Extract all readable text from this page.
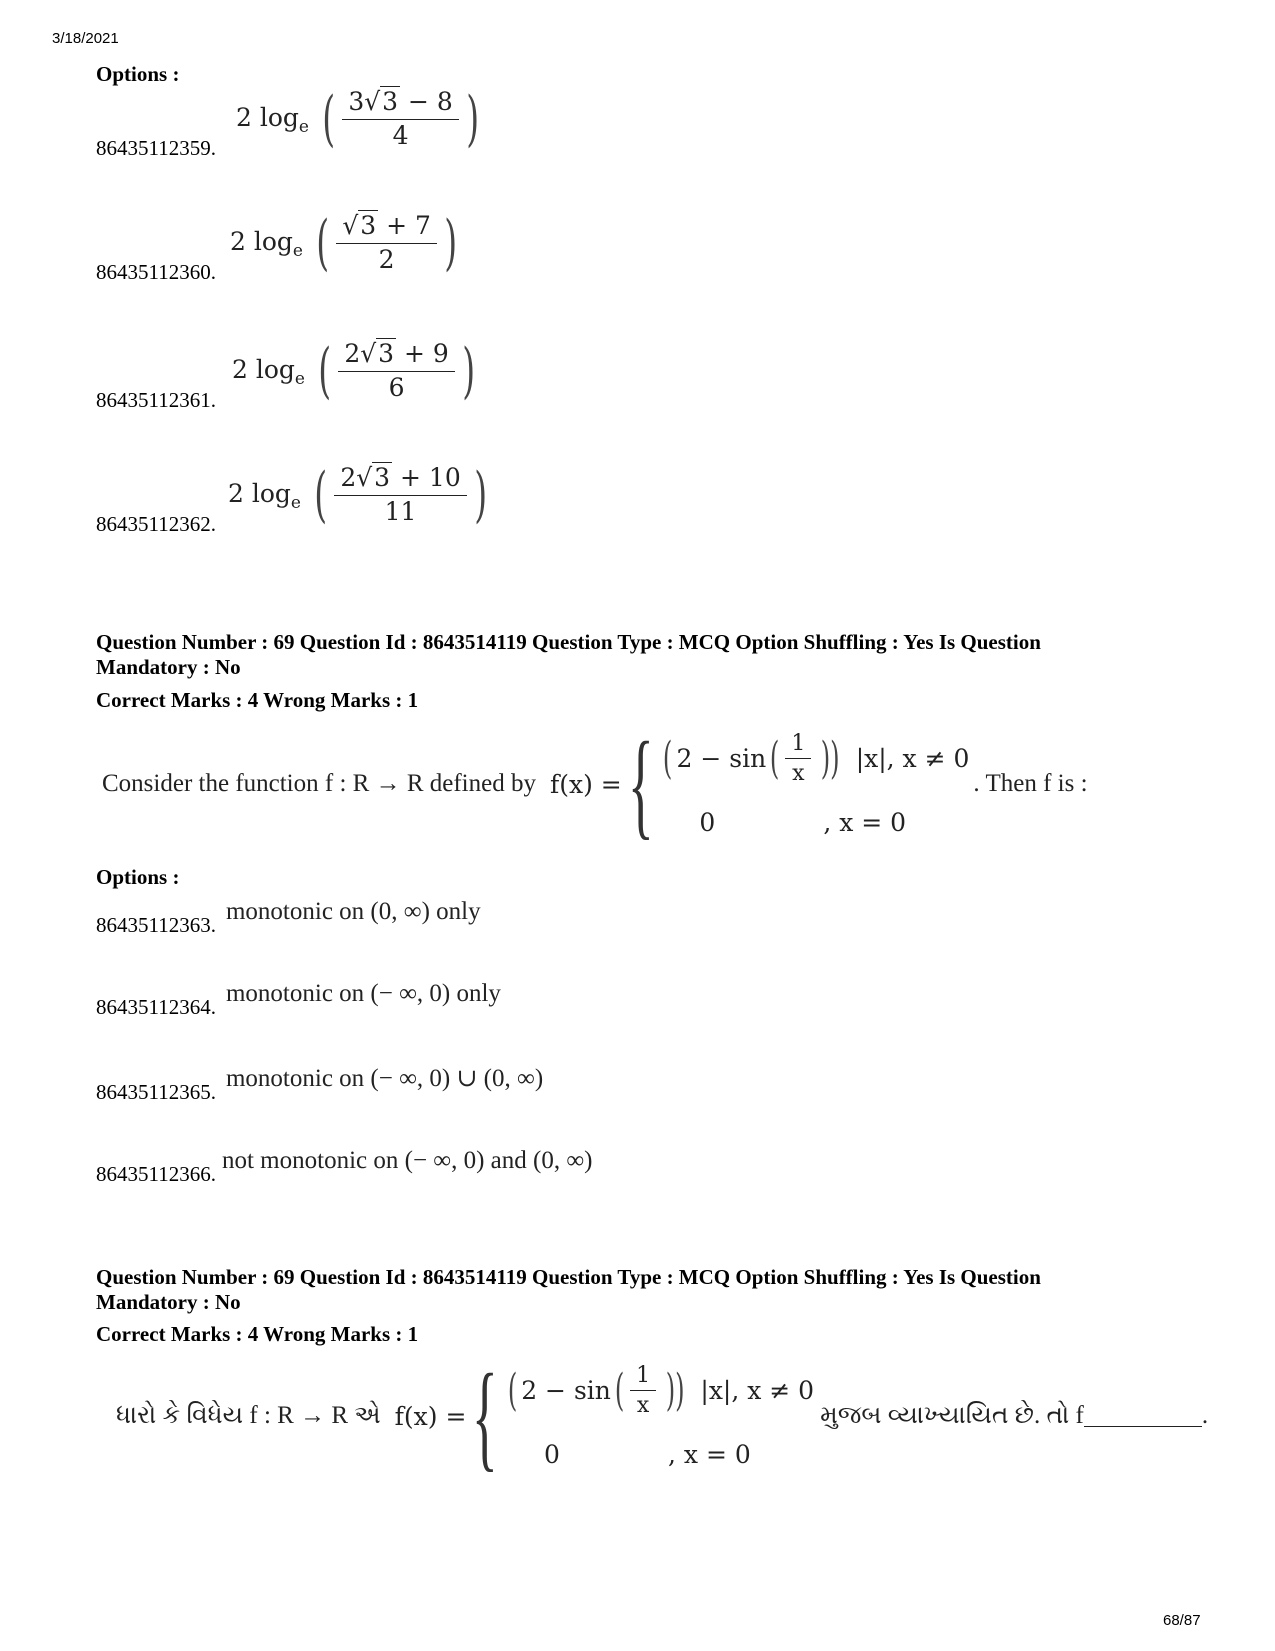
3/18/2021
Options :
86435112359.
2 $\log_e$ ( $\frac{3√3 - 8}{4}$ )
86435112360.
2 $\log_e$ ( $\frac{√3 + 7}{2}$ )
86435112361.
2 $\log_e$ ( $\frac{2√3 + 9}{6}$ )
86435112362.
2 $\log_e$ ( $\frac{2√3 + 10}{11}$ )
Question Number : 69 Question Id : 8643514119 Question Type : MCQ Option Shuffling : Yes Is Question
Mandatory : No
Correct Marks : 4 Wrong Marks : 1
Consider the function f : R → R defined by f(x) = { ( 2 − sin ( $\frac{1}{x}$ )) |x|, x ≠ 0
0	, x = 0
. Then f is :
Options :
86435112363. monotonic on (0, ∞) only
86435112364. monotonic on (− ∞, 0) only
86435112365. monotonic on (− ∞, 0) ∪ (0, ∞)
86435112366. not monotonic on (− ∞, 0) and (0, ∞)
Question Number : 69 Question Id : 8643514119 Question Type : MCQ Option Shuffling : Yes Is Question
Mandatory : No
Correct Marks : 4 Wrong Marks : 1
ધારો કે વિધેય f : R → R એ f(x) = { ( 2 − sin ( $\frac{1}{x}$ )) |x|, x ≠ 0
0	, x = 0
મુજબ વ્યાખ્યાયિત છે. તો f	.
68/87
